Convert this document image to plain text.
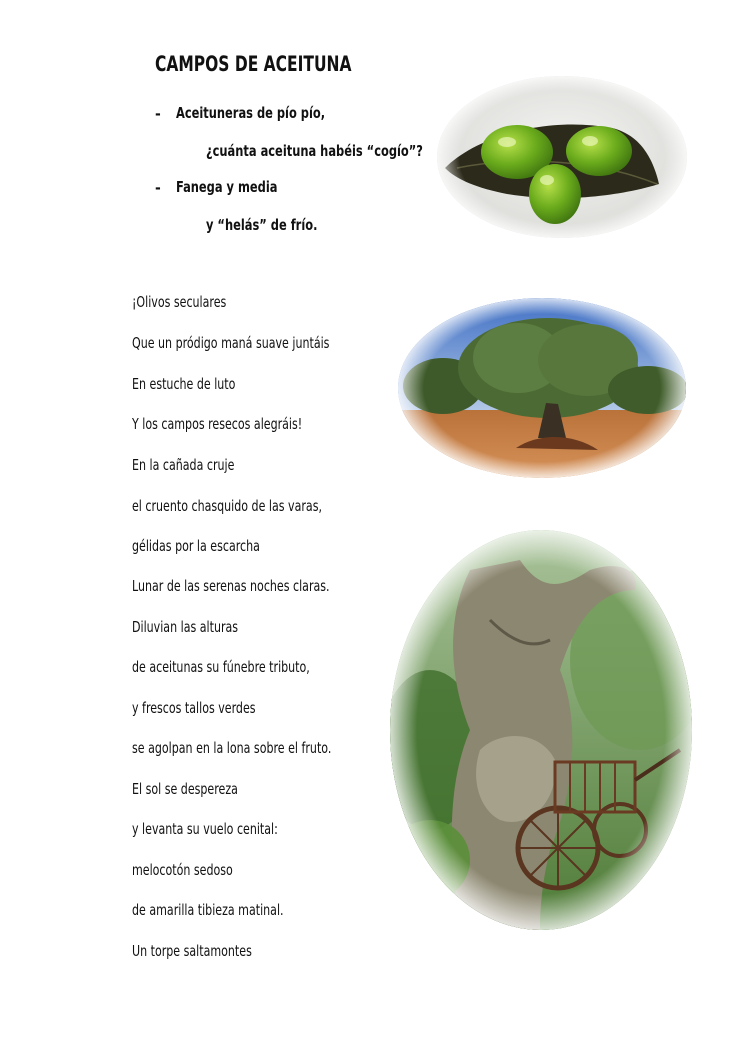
CAMPOS DE ACEITUNA
- Aceituneras de pío pío,
¿cuánta aceituna habéis “cogío”?
- Fanega y media
y “helás” de frío.
¡Olivos seculares
Que un pródigo maná suave juntáis
En estuche de luto
Y los campos resecos alegráis!
En la cañada cruje
el cruento chasquido de las varas,
gélidas por la escarcha
Lunar de las serenas noches claras.
Diluvian las alturas
de aceitunas su fúnebre tributo,
y frescos tallos verdes
se agolpan en la lona sobre el fruto.
El sol se despereza
y levanta su vuelo cenital:
melocotón sedoso
de amarilla tibieza matinal.
Un torpe saltamontes
